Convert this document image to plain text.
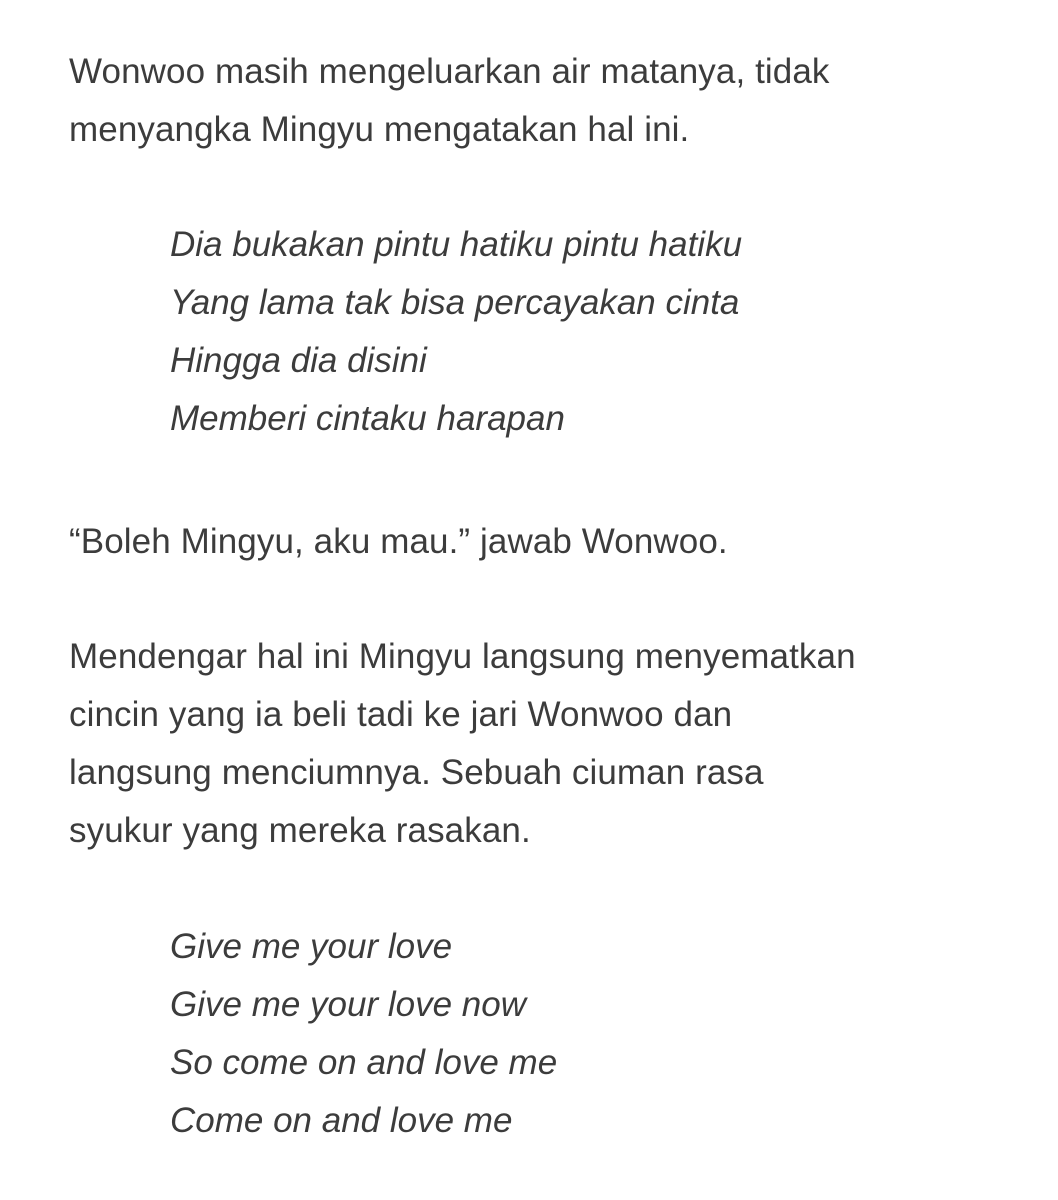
Wonwoo masih mengeluarkan air matanya, tidak
menyangka Mingyu mengatakan hal ini.

Dia bukakan pintu hatiku pintu hatiku
Yang lama tak bisa percayakan cinta
Hingga dia disini
Memberi cintaku harapan

“Boleh Mingyu, aku mau.” jawab Wonwoo.

Mendengar hal ini Mingyu langsung menyematkan
cincin yang ia beli tadi ke jari Wonwoo dan
langsung menciumnya. Sebuah ciuman rasa
syukur yang mereka rasakan.

Give me your love
Give me your love now
So come on and love me
Come on and love me
